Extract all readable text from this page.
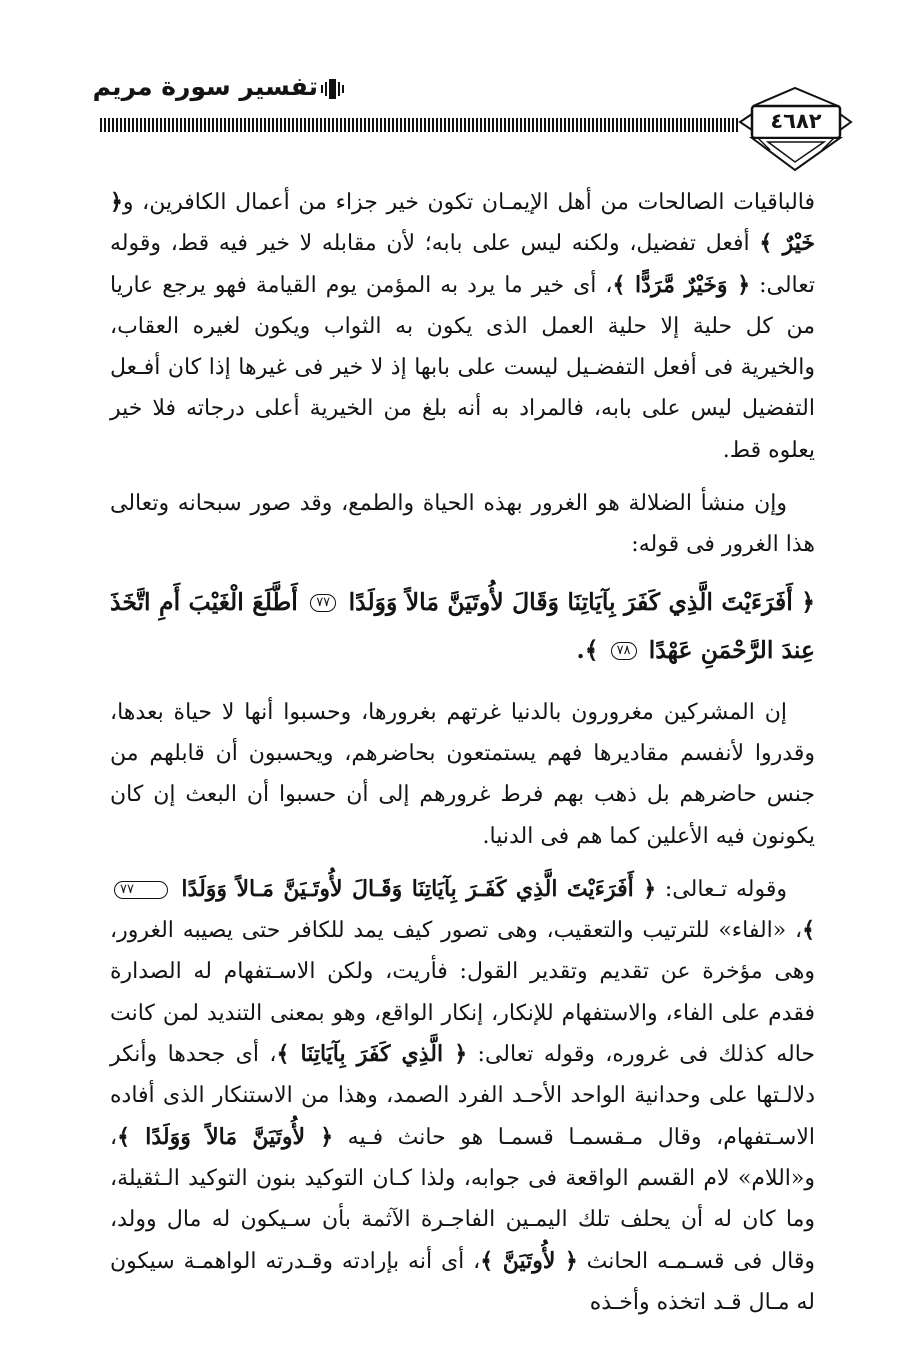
تفسير سورة مريم
٤٦٨٢

فالباقيات الصالحات من أهل الإيمـان تكون خير جزاء من أعمال الكافرين، و﴿ خَيْرٌ ﴾ أفعل تفضيل، ولكنه ليس على بابه؛ لأن مقابله لا خير فيه قط، وقوله تعالى: ﴿ وَخَيْرٌ مَّرَدًّا ﴾، أى خير ما يرد به المؤمن يوم القيامة فهو يرجع عاريا من كل حلية إلا حلية العمل الذى يكون به الثواب ويكون لغيره العقاب، والخيرية فى أفعل التفضـيل ليست على بابها إذ لا خير فى غيرها إذا كان أفـعل التفضيل ليس على بابه، فالمراد به أنه بلغ من الخيرية أعلى درجاته فلا خير يعلوه قط.

وإن منشأ الضلالة هو الغرور بهذه الحياة والطمع، وقد صور سبحانه وتعالى هذا الغرور فى قوله:

﴿ أَفَرَءَيْتَ الَّذِي كَفَرَ بِآيَاتِنَا وَقَالَ لأُوتَيَنَّ مَالاً وَوَلَدًا ٧٧ أَطَّلَعَ الْغَيْبَ أَمِ اتَّخَذَ عِندَ الرَّحْمَنِ عَهْدًا ٧٨ ﴾.

إن المشركين مغرورون بالدنيا غرتهم بغرورها، وحسبوا أنها لا حياة بعدها، وقدروا لأنفسم مقاديرها فهم يستمتعون بحاضرهم، ويحسبون أن قابلهم من جنس حاضرهم بل ذهب بهم فرط غرورهم إلى أن حسبوا أن البعث إن كان يكونون فيه الأعلين كما هم فى الدنيا.

وقوله تـعالى: ﴿ أَفَرَءَيْتَ الَّذِي كَفَـرَ بِآيَاتِنَا وَقَـالَ لأُوتَـيَنَّ مَـالاً وَوَلَدًا ٧٧ ﴾، «الفاء» للترتيب والتعقيب، وهى تصور كيف يمد للكافر حتى يصيبه الغرور، وهى مؤخرة عن تقديم وتقدير القول: فأريت، ولكن الاسـتفهام له الصدارة فقدم على الفاء، والاستفهام للإنكار، إنكار الواقع، وهو بمعنى التنديد لمن كانت حاله كذلك فى غروره، وقوله تعالى: ﴿ الَّذِي كَفَرَ بِآيَاتِنَا ﴾، أى جحدها وأنكر دلالـتها على وحدانية الواحد الأحـد الفرد الصمد، وهذا من الاستنكار الذى أفاده الاسـتفهام، وقال مـقسمـا قسمـا هو حانث فـيه ﴿ لأُوتَيَنَّ مَالاً وَوَلَدًا ﴾، و«اللام» لام القسم الواقعة فى جوابه، ولذا كـان التوكيد بنون التوكيد الـثقيلة، وما كان له أن يحلف تلك اليمـين الفاجـرة الآثمة بأن سـيكون له مال وولد، وقال فى قسـمـه الحانث ﴿ لأُوتَيَنَّ ﴾، أى أنه بإرادته وقـدرته الواهمـة سيكون له مـال قـد اتخذه وأخـذه
